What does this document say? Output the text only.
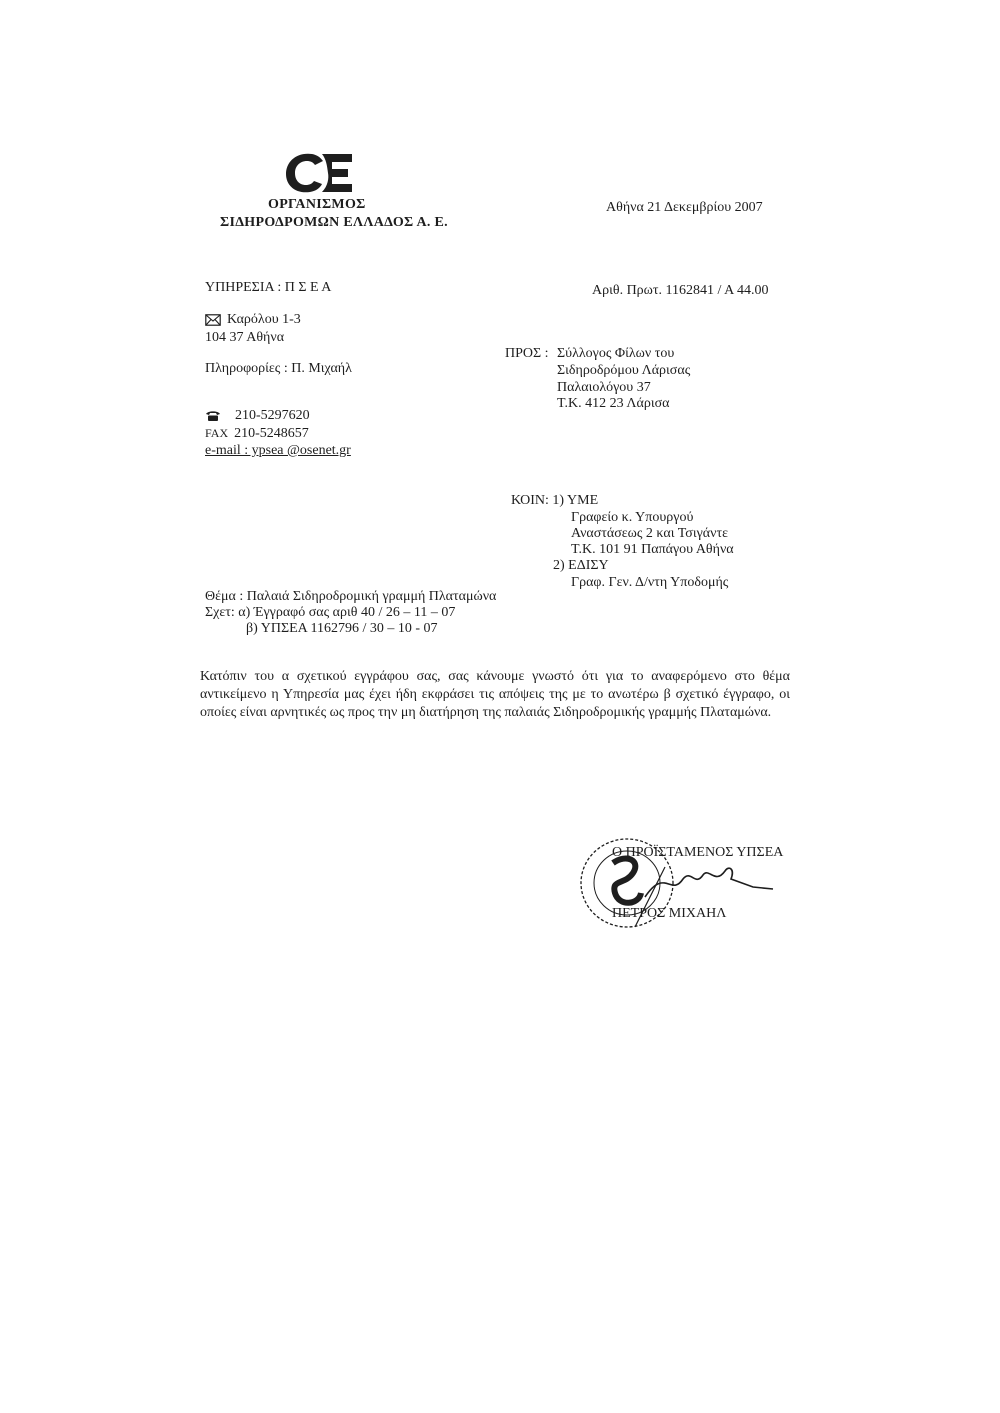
ΟΡΓΑΝΙΣΜΟΣ
ΣΙΔΗΡΟΔΡΟΜΩΝ ΕΛΛΑΔΟΣ Α. Ε.
Αθήνα 21 Δεκεμβρίου 2007
ΥΠΗΡΕΣΙΑ : Π Σ Ε Α	Αριθ. Πρωτ. 1162841 / Α 44.00
Καρόλου 1-3
104 37 Αθήνα
Πληροφορίες : Π. Μιχαήλ
210-5297620
FAX 210-5248657
e-mail : ypsea @osenet.gr
ΠΡΟΣ : Σύλλογος Φίλων του
Σιδηροδρόμου Λάρισας
Παλαιολόγου 37
Τ.Κ. 412 23 Λάρισα
ΚΟΙΝ: 1) ΥΜΕ
Γραφείο κ. Υπουργού
Αναστάσεως 2 και Τσιγάντε
Τ.Κ. 101 91 Παπάγου Αθήνα
2) ΕΔΙΣΥ
Γραφ. Γεν. Δ/ντη Υποδομής
Θέμα : Παλαιά Σιδηροδρομική γραμμή Πλαταμώνα
Σχετ: α) Έγγραφό σας αριθ 40 / 26 – 11 – 07
β) ΥΠΣΕΑ 1162796 / 30 – 10 - 07
Κατόπιν του α σχετικού εγγράφου σας, σας κάνουμε γνωστό ότι για το αναφερόμενο στο θέμα αντικείμενο η Υπηρεσία μας έχει ήδη εκφράσει τις απόψεις της με το ανωτέρω β σχετικό έγγραφο, οι οποίες είναι αρνητικές ως προς την μη διατήρηση της παλαιάς Σιδηροδρομικής γραμμής Πλαταμώνα.
Ο ΠΡΟΪΣΤΑΜΕΝΟΣ ΥΠΣΕΑ
ΠΕΤΡΟΣ ΜΙΧΑΗΛ
